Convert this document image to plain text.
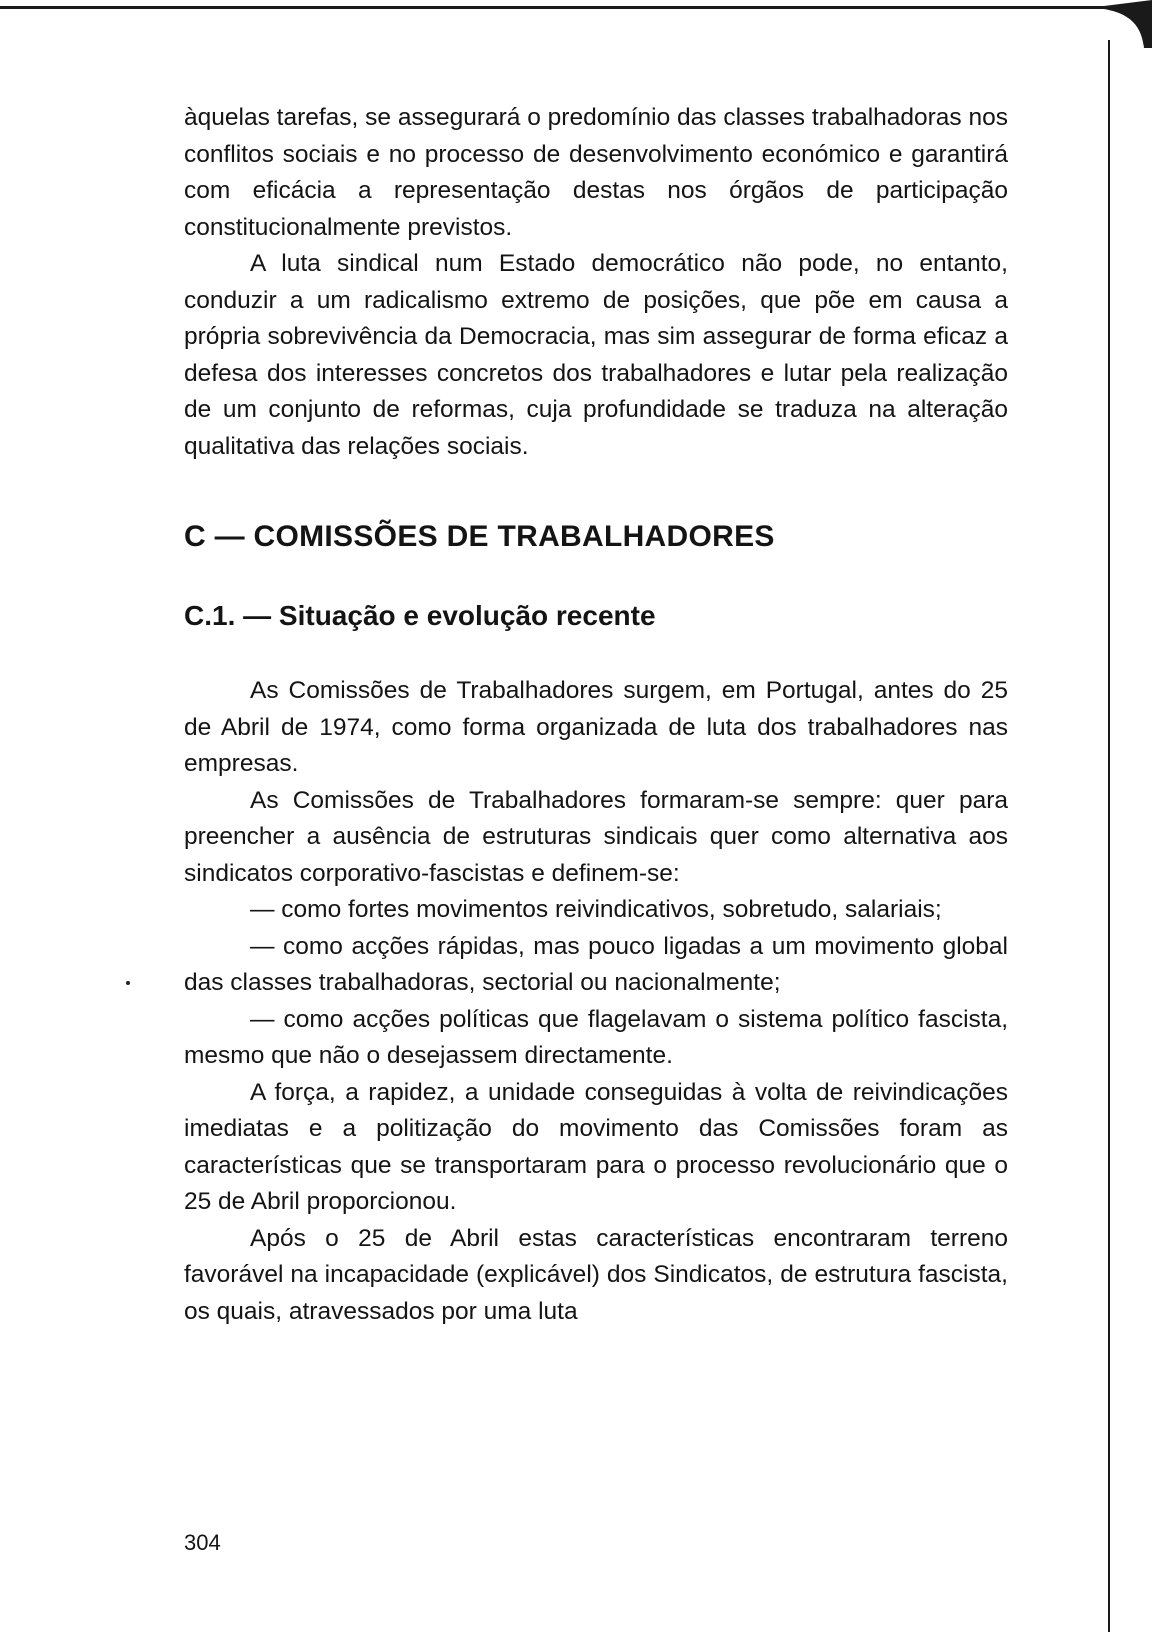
àquelas tarefas, se assegurará o predomínio das classes trabalhadoras nos conflitos sociais e no processo de desenvolvimento económico e garantirá com eficácia a representação destas nos órgãos de participação constitucionalmente previstos.

A luta sindical num Estado democrático não pode, no entanto, conduzir a um radicalismo extremo de posições, que põe em causa a própria sobrevivência da Democracia, mas sim assegurar de forma eficaz a defesa dos interesses concretos dos trabalhadores e lutar pela realização de um conjunto de reformas, cuja profundidade se traduza na alteração qualitativa das relações sociais.

C — COMISSÕES DE TRABALHADORES
C.1. — Situação e evolução recente

As Comissões de Trabalhadores surgem, em Portugal, antes do 25 de Abril de 1974, como forma organizada de luta dos trabalhadores nas empresas.

As Comissões de Trabalhadores formaram-se sempre: quer para preencher a ausência de estruturas sindicais quer como alternativa aos sindicatos corporativo-fascistas e definem-se:

— como fortes movimentos reivindicativos, sobretudo, salariais;

— como acções rápidas, mas pouco ligadas a um movimento global das classes trabalhadoras, sectorial ou nacionalmente;

— como acções políticas que flagelavam o sistema político fascista, mesmo que não o desejassem directamente.

A força, a rapidez, a unidade conseguidas à volta de reivindicações imediatas e a politização do movimento das Comissões foram as características que se transportaram para o processo revolucionário que o 25 de Abril proporcionou.

Após o 25 de Abril estas características encontraram terreno favorável na incapacidade (explicável) dos Sindicatos, de estrutura fascista, os quais, atravessados por uma luta

304
